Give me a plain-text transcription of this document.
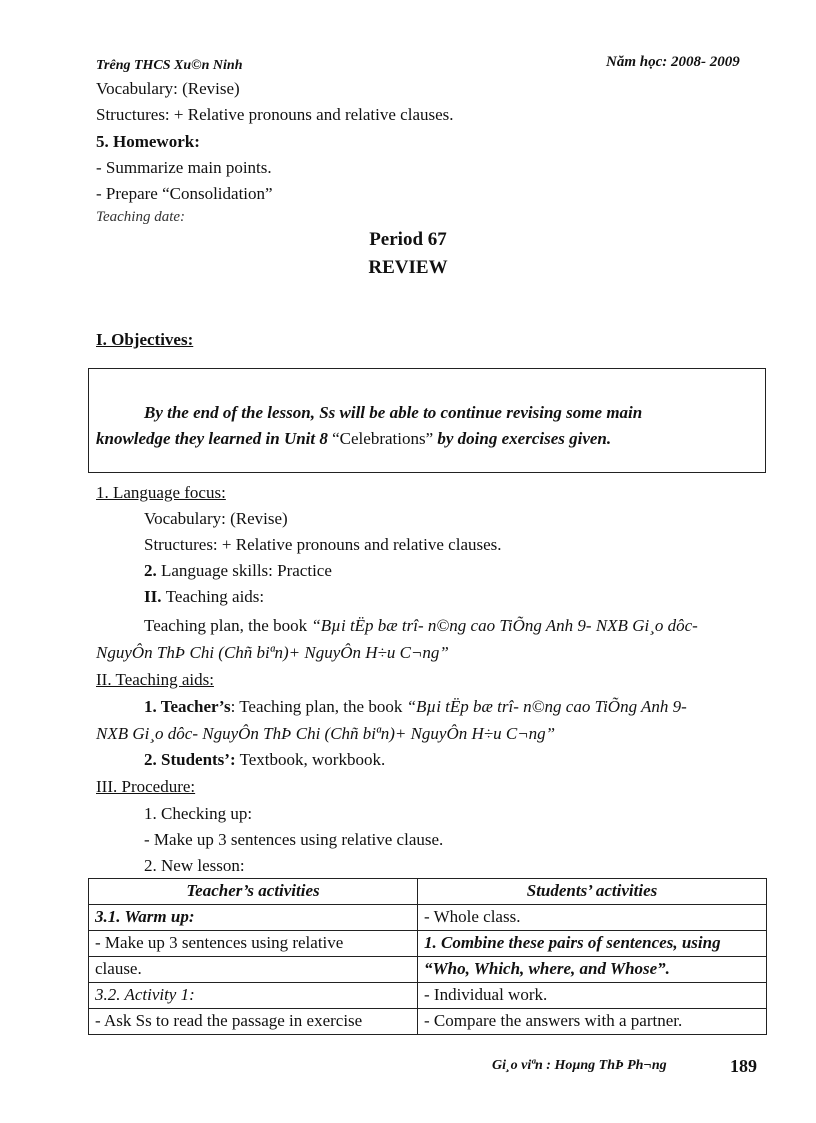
Trêng THCS Xu©n Ninh	Năm học: 2008- 2009
Vocabulary: (Revise)
Structures: + Relative pronouns and relative clauses.
5. Homework:
- Summarize main points.
- Prepare “Consolidation”
Teaching date:
Period 67
REVIEW
I. Objectives:
By the end of the lesson, Ss will be able to continue revising some main
knowledge they learned in Unit 8 “Celebrations” by doing exercises given.
1. Language focus:
Vocabulary: (Revise)
Structures: + Relative pronouns and relative clauses.
2. Language skills: Practice
II. Teaching aids:
Teaching plan, the book “Bµi tËp bæ trî- n©ng cao TiÕng Anh 9- NXB Gi¸o dôc-
NguyÔn ThÞ Chi (Chñ biªn)+ NguyÔn H÷u C¬ng”
II. Teaching aids:
1. Teacher’s: Teaching plan, the book “Bµi tËp bæ trî- n©ng cao TiÕng Anh 9-
NXB Gi¸o dôc- NguyÔn ThÞ Chi (Chñ biªn)+ NguyÔn H÷u C¬ng”
2. Students’: Textbook, workbook.
III. Procedure:
1. Checking up:
- Make up 3 sentences using relative clause.
2. New lesson:
Teacher’s activities	Students’ activities
3.1. Warm up:	- Whole class.
- Make up 3 sentences using relative	1. Combine these pairs of sentences, using
clause.	“Who, Which, where, and Whose”.
3.2. Activity 1:	- Individual work.
- Ask Ss to read the passage in exercise	- Compare the answers with a partner.
Gi¸o viªn : Hoµng ThÞ Ph¬ng	189
